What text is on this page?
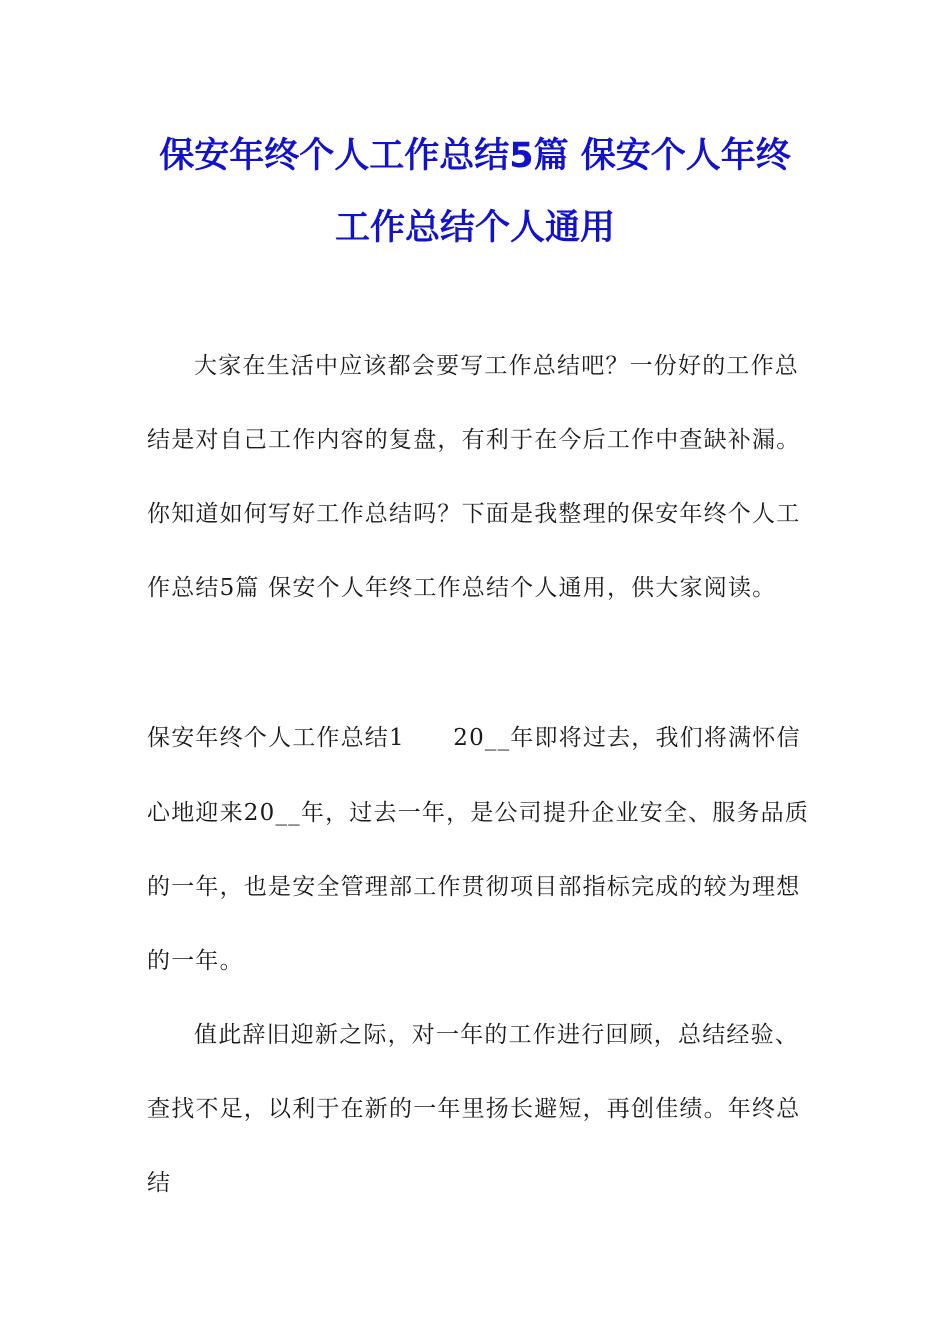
保安年终个人工作总结5篇 保安个人年终
工作总结个人通用
大家在生活中应该都会要写工作总结吧？一份好的工作总
结是对自己工作内容的复盘，有利于在今后工作中查缺补漏。
你知道如何写好工作总结吗？下面是我整理的保安年终个人工
作总结5篇 保安个人年终工作总结个人通用，供大家阅读。
保安年终个人工作总结1　　20__年即将过去，我们将满怀信
心地迎来20__年，过去一年，是公司提升企业安全、服务品质
的一年，也是安全管理部工作贯彻项目部指标完成的较为理想
的一年。
值此辞旧迎新之际，对一年的工作进行回顾，总结经验、
查找不足，以利于在新的一年里扬长避短，再创佳绩。年终总
结
